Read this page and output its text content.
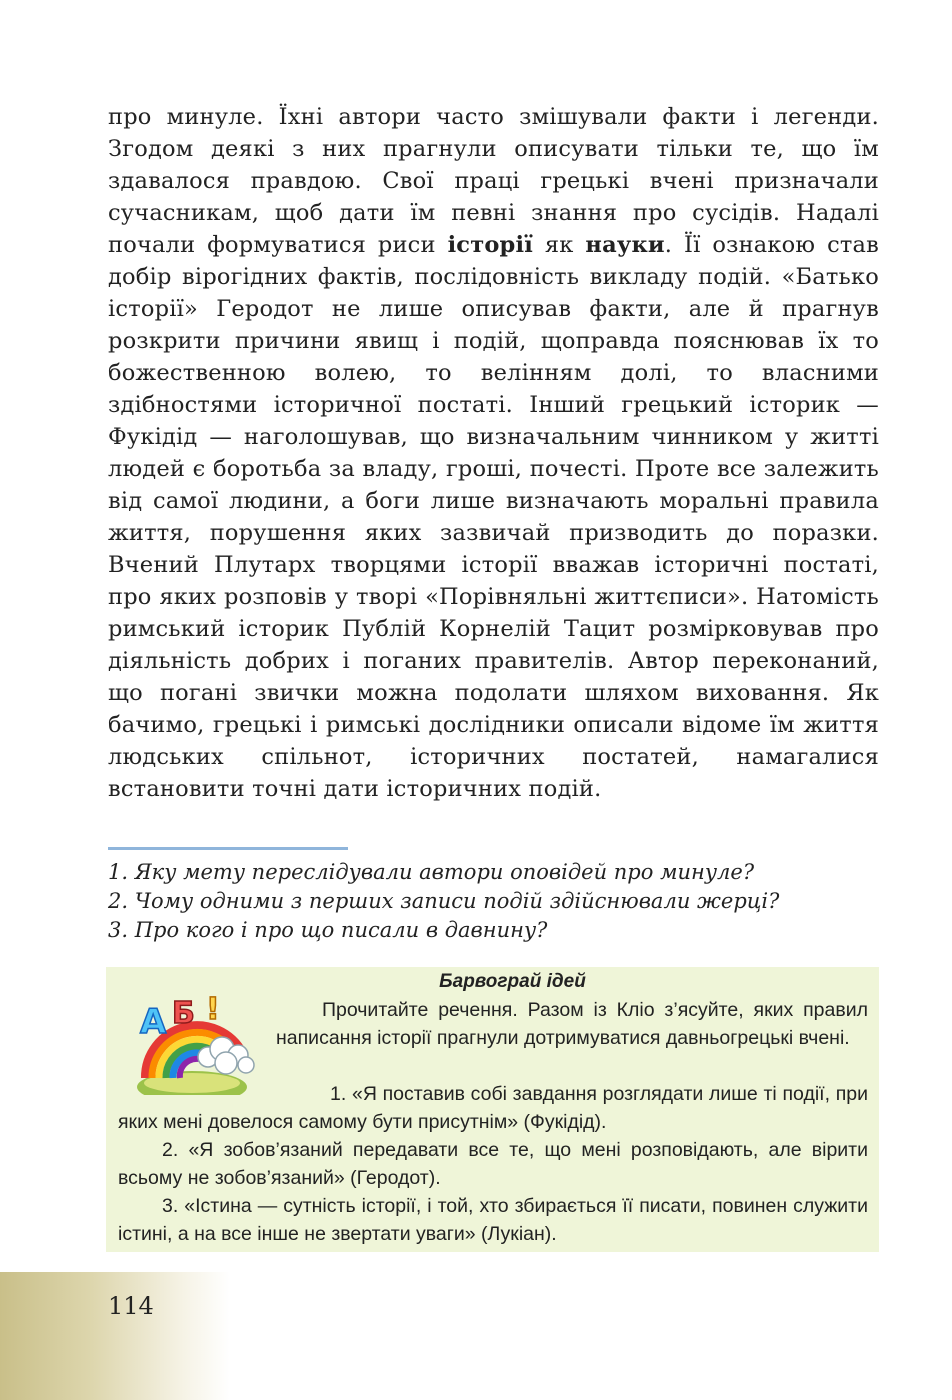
про минуле. Їхні автори часто змішували факти і легенди. Згодом деякі з них прагнули описувати тільки те, що їм здавалося правдою. Свої праці грецькі вчені призначали сучасникам, щоб дати їм певні знання про сусідів. Надалі почали формуватися риси історії як науки. Її ознакою став добір вірогідних фактів, послідовність викладу подій. «Батько історії» Геродот не лише описував факти, але й прагнув розкрити причини явищ і подій, щоправда пояснював їх то божественною волею, то велінням долі, то власними здібностями історичної постаті. Інший грецький історик — Фукідід — наголошував, що визначальним чинником у житті людей є боротьба за владу, гроші, почесті. Проте все залежить від самої людини, а боги лише визначають моральні правила життя, порушення яких зазвичай призводить до поразки. Вчений Плутарх творцями історії вважав історичні постаті, про яких розповів у творі «Порівняльні життєписи». Натомість римський історик Публій Корнелій Тацит розмірковував про діяльність добрих і поганих правителів. Автор переконаний, що погані звички можна подолати шляхом виховання. Як бачимо, грецькі і римські дослідники описали відоме їм життя людських спільнот, історичних постатей, намагалися встановити точні дати історичних подій.

1. Яку мету переслідували автори оповідей про минуле?
2. Чому одними з перших записи подій здійснювали жерці?
3. Про кого і про що писали в давнину?
Барвограй ідей
Прочитайте речення. Разом із Кліо з’ясуйте, яких правил написання історії прагнули дотримуватися давньогрецькі вчені.
1. «Я поставив собі завдання розглядати лише ті події, при яких мені довелося самому бути присутнім» (Фукідід).
2. «Я зобов’язаний передавати все те, що мені розповідають, але вірити всьому не зобов’язаний» (Геродот).
3. «Істина — сутність історії, і той, хто збирається її писати, повинен служити істині, а на все інше не звертати уваги» (Лукіан).
А Б !
114
